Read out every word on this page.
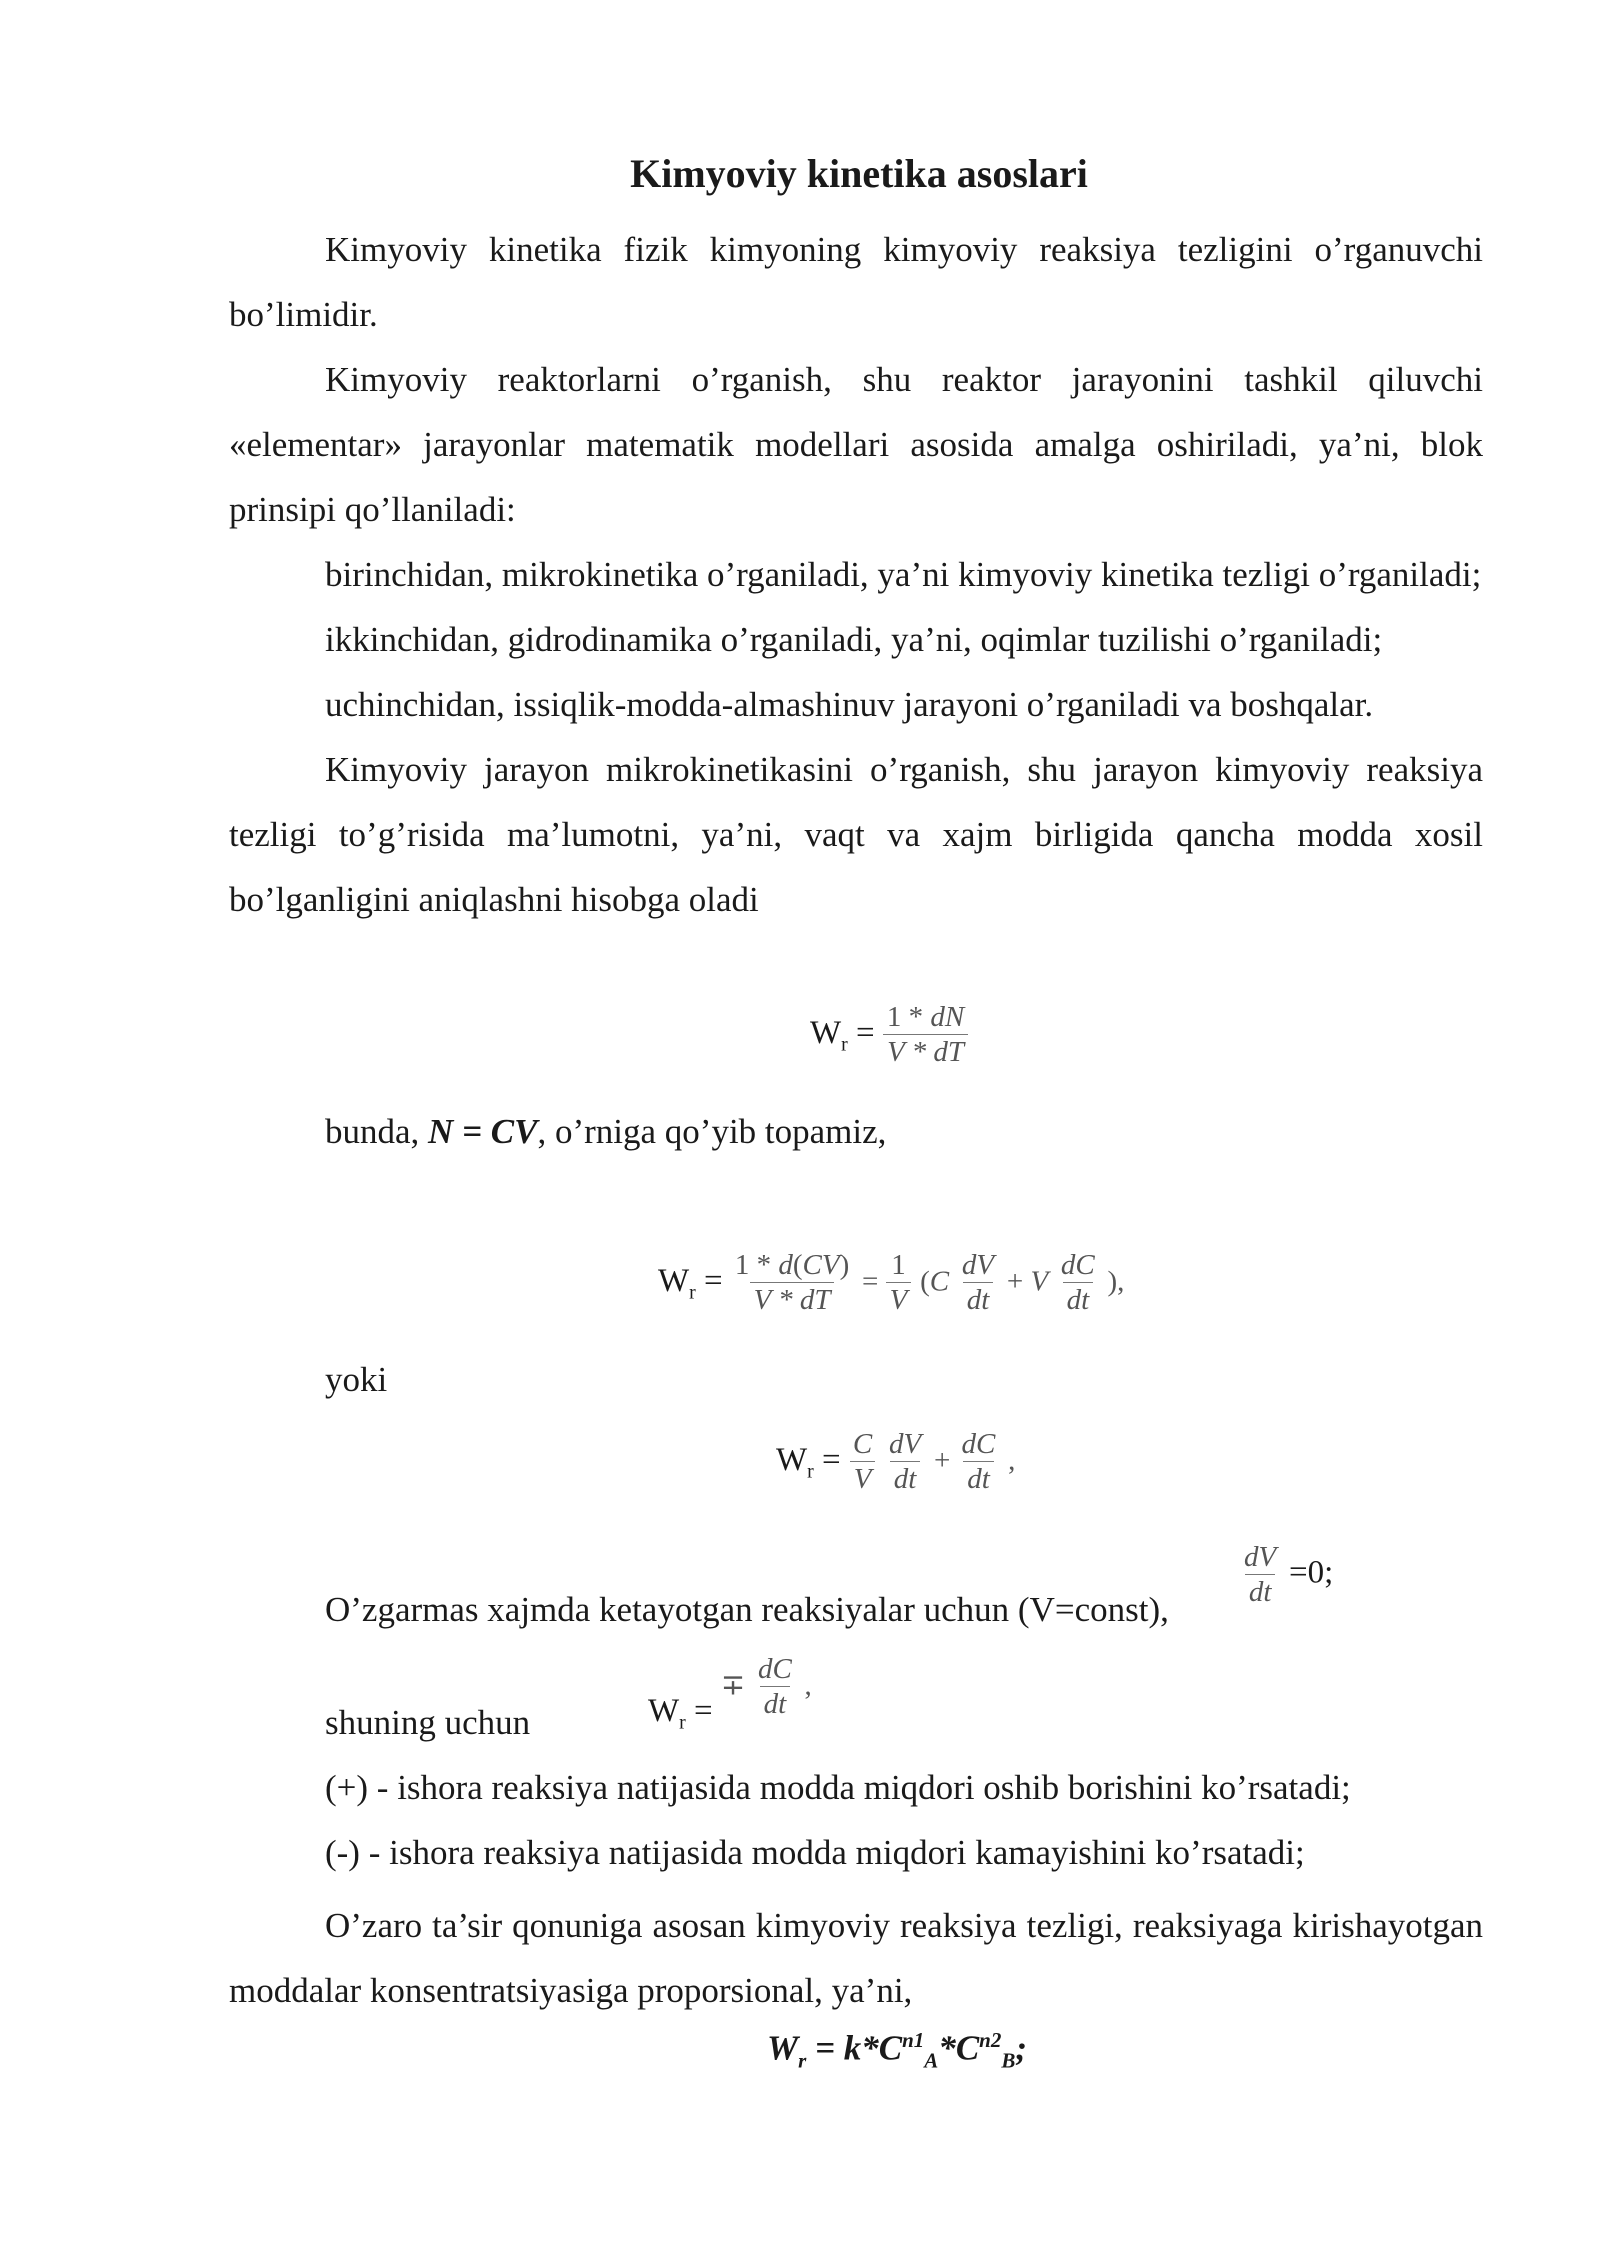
Kimyoviy kinetika asoslari

Kimyoviy kinetika fizik kimyoning kimyoviy reaksiya tezligini o’rganuvchi bo’limidir.

Kimyoviy reaktorlarni o’rganish, shu reaktor jarayonini tashkil qiluvchi «elementar» jarayonlar matematik modellari asosida amalga oshiriladi, ya’ni, blok prinsipi qo’llaniladi:

birinchidan, mikrokinetika o’rganiladi, ya’ni kimyoviy kinetika tezligi o’rganiladi;

ikkinchidan, gidrodinamika o’rganiladi, ya’ni, oqimlar tuzilishi o’rganiladi;

uchinchidan, issiqlik-modda-almashinuv jarayoni o’rganiladi va boshqalar.

Kimyoviy jarayon mikrokinetikasini o’rganish, shu jarayon kimyoviy reaksiya tezligi to’g’risida ma’lumotni, ya’ni, vaqt va xajm birligida qancha modda xosil bo’lganligini aniqlashni hisobga oladi

$W_r = \frac{1 * dN}{V * dT}$
bunda, N = CV, o’rniga qo’yib topamiz,
$W_r = \frac{1 * d(CV)}{V * dT} = \frac{1}{V} (C \frac{dV}{dt} + V \frac{dC}{dt}$ ),
yoki
$W_r = \frac{C}{V}$
$\frac{dV}{dt} + \frac{dC}{dt}$ ,
O’zgarmas xajmda ketayotgan reaksiyalar uchun (V=const),
$\frac{dV}{dt} =0$;
shuning uchun	$W_r$ = ∓ $\frac{dC}{dt}$ ,
(+) - ishora reaksiya natijasida modda miqdori oshib borishini ko’rsatadi;
(-) - ishora reaksiya natijasida modda miqdori kamayishini ko’rsatadi;

O’zaro ta’sir qonuniga asosan kimyoviy reaksiya tezligi, reaksiyaga kirishayotgan moddalar konsentratsiyasiga proporsional, ya’ni,

$W_r = k*C^{n1}_A*C^{n2}_B$;
